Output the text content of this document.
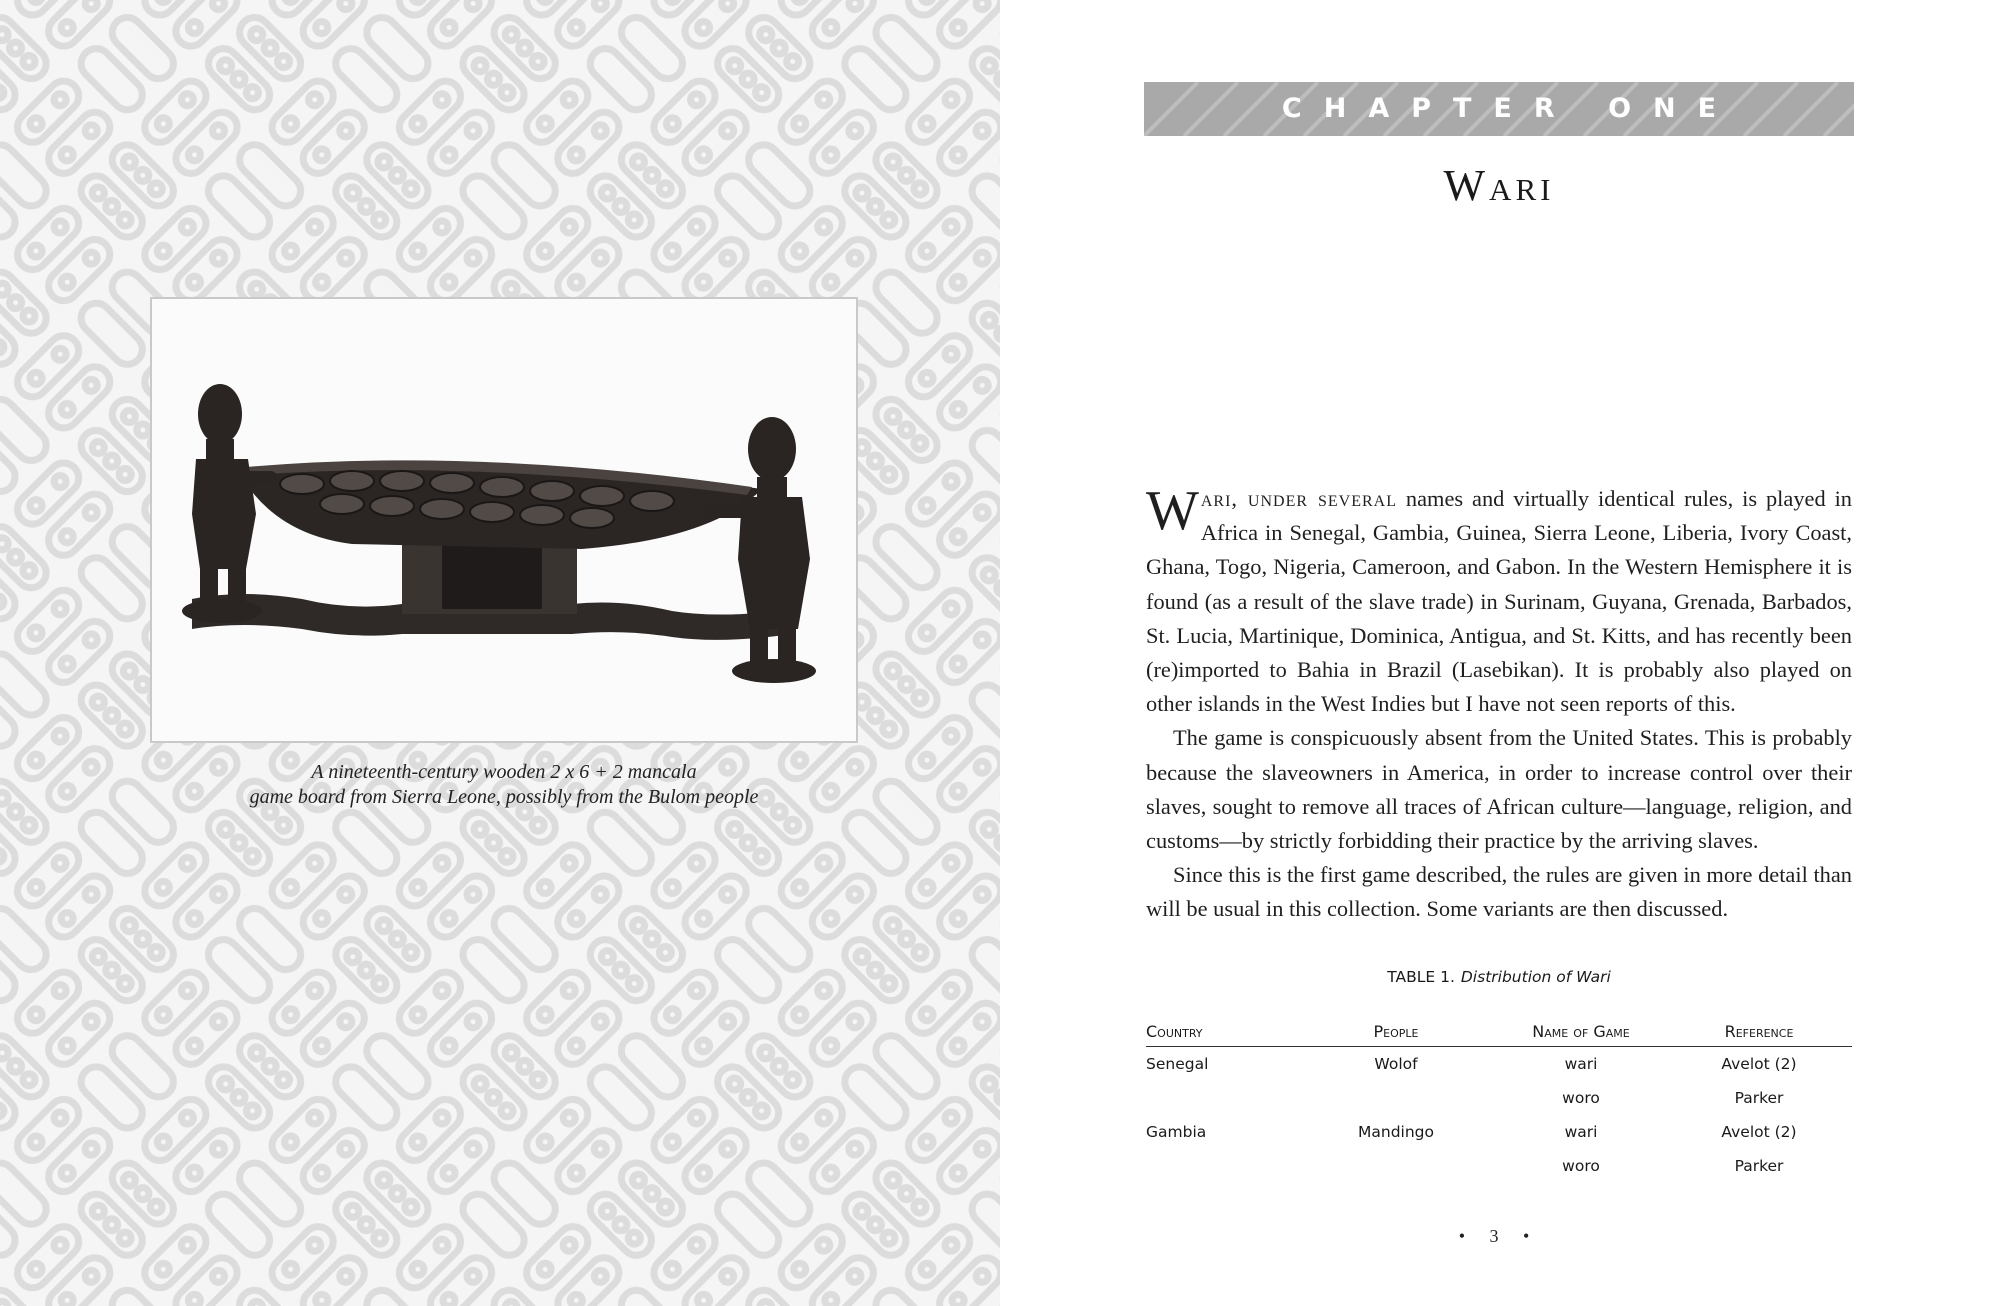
A nineteenth-century wooden 2 x 6 + 2 mancala
game board from Sierra Leone, possibly from the Bulom people
CHAPTER ONE
Wari

Wari, under several names and virtually identical rules, is played in Africa in Senegal, Gambia, Guinea, Sierra Leone, Liberia, Ivory Coast, Ghana, Togo, Nigeria, Cameroon, and Gabon. In the Western Hemisphere it is found (as a result of the slave trade) in Surinam, Guyana, Grenada, Barbados, St. Lucia, Martinique, Dominica, Antigua, and St. Kitts, and has recently been (re)imported to Bahia in Brazil (Lasebikan). It is probably also played on other islands in the West Indies but I have not seen reports of this.

The game is conspicuously absent from the United States. This is probably because the slaveowners in America, in order to increase control over their slaves, sought to remove all traces of African culture—language, religion, and customs—by strictly forbidding their practice by the arriving slaves.

Since this is the first game described, the rules are given in more detail than will be usual in this collection. Some variants are then discussed.

TABLE 1. Distribution of Wari
Country	People	Name of Game	Reference
Senegal	Wolof	wari	Avelot (2)
		woro	Parker
Gambia	Mandingo	wari	Avelot (2)
		woro	Parker
• 3 •
